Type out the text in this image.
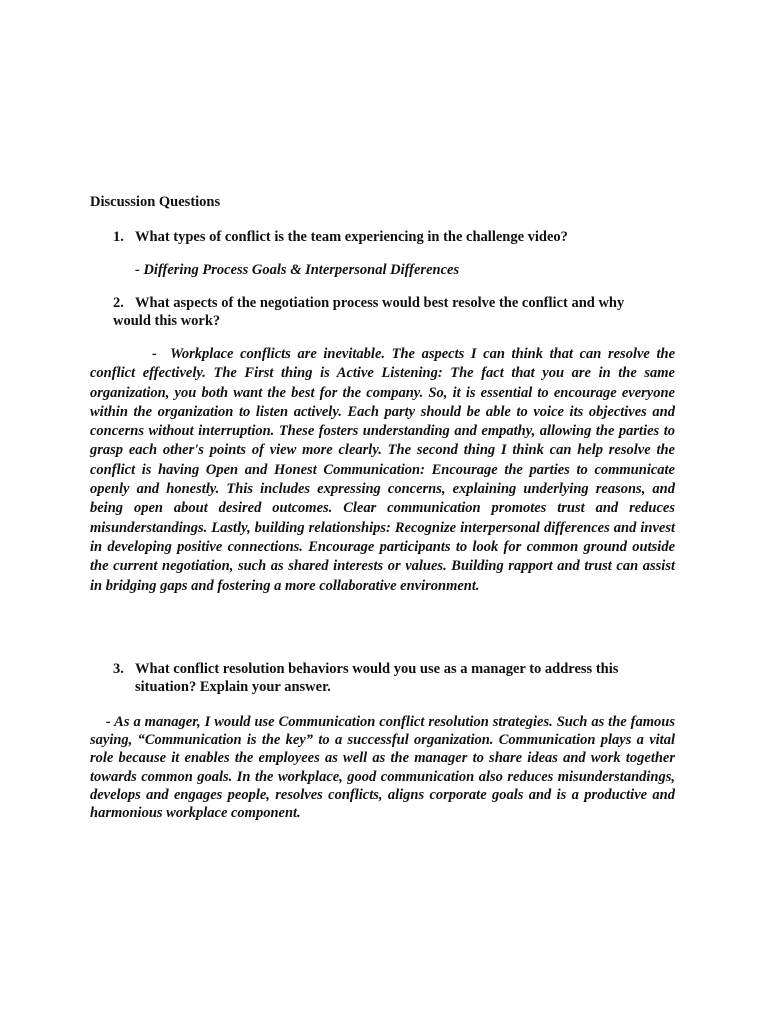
Discussion Questions
1. What types of conflict is the team experiencing in the challenge video?
- Differing Process Goals & Interpersonal Differences
2. What aspects of the negotiation process would best resolve the conflict and why would this work?
- Workplace conflicts are inevitable. The aspects I can think that can resolve the conflict effectively. The First thing is Active Listening: The fact that you are in the same organization, you both want the best for the company. So, it is essential to encourage everyone within the organization to listen actively. Each party should be able to voice its objectives and concerns without interruption. These fosters understanding and empathy, allowing the parties to grasp each other's points of view more clearly. The second thing I think can help resolve the conflict is having Open and Honest Communication: Encourage the parties to communicate openly and honestly. This includes expressing concerns, explaining underlying reasons, and being open about desired outcomes. Clear communication promotes trust and reduces misunderstandings. Lastly, building relationships: Recognize interpersonal differences and invest in developing positive connections. Encourage participants to look for common ground outside the current negotiation, such as shared interests or values. Building rapport and trust can assist in bridging gaps and fostering a more collaborative environment.
3. What conflict resolution behaviors would you use as a manager to address this
situation? Explain your answer.
- As a manager, I would use Communication conflict resolution strategies. Such as the famous saying, “Communication is the key” to a successful organization. Communication plays a vital role because it enables the employees as well as the manager to share ideas and work together towards common goals. In the workplace, good communication also reduces misunderstandings, develops and engages people, resolves conflicts, aligns corporate goals and is a productive and harmonious workplace component.
